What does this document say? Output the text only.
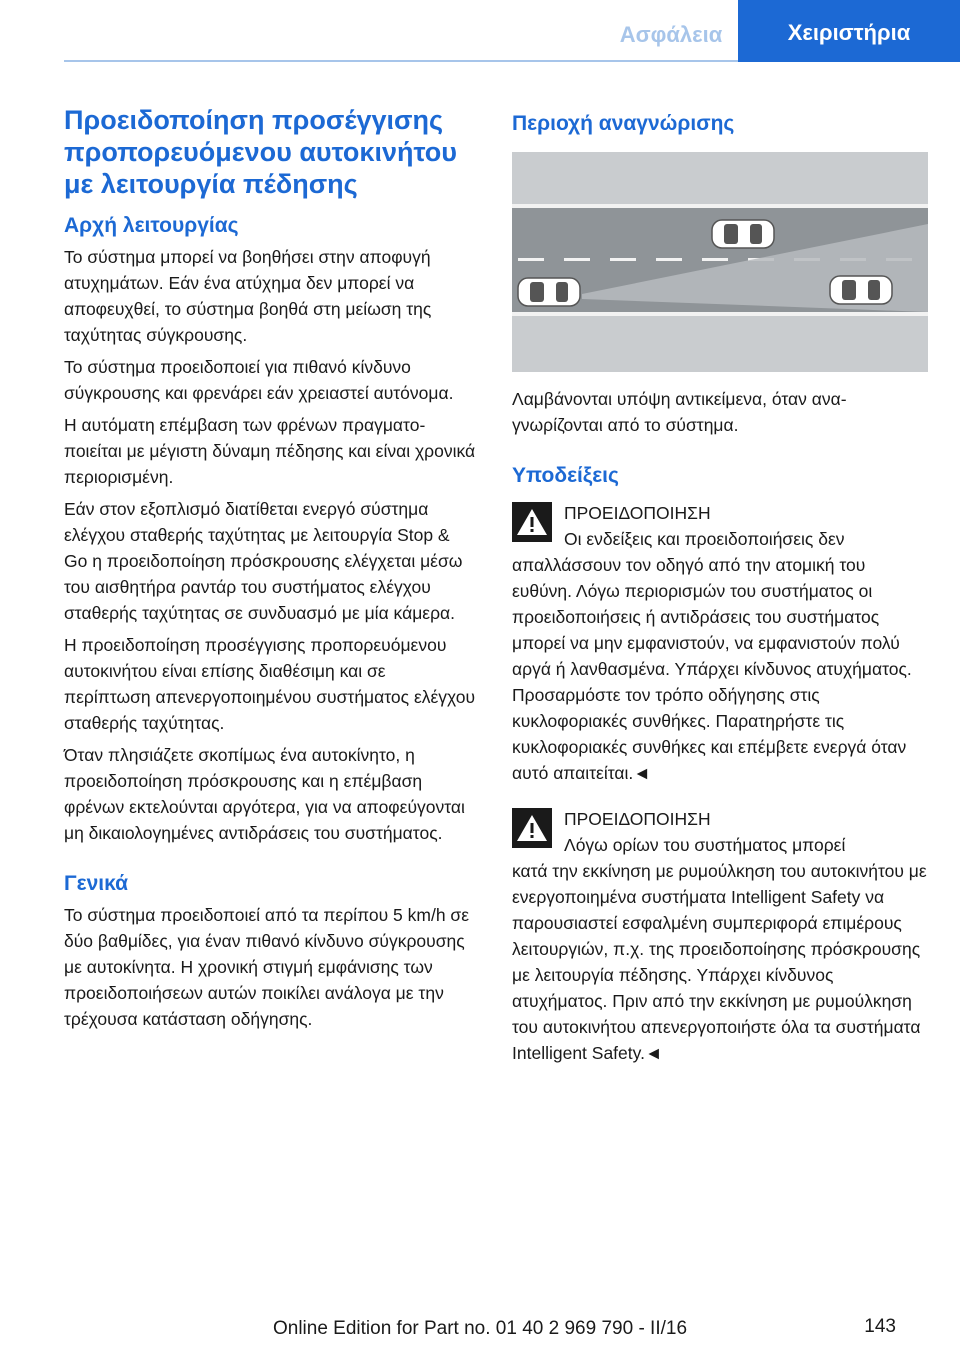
Ασφάλεια	Χειριστήρια
Προειδοποίηση προσέγγισης προπορευόμενου αυτοκινήτου με λειτουργία πέδησης
Αρχή λειτουργίας

Το σύστημα μπορεί να βοηθήσει στην αποφυγή ατυχημάτων. Εάν ένα ατύχημα δεν μπορεί να αποφευχθεί, το σύστημα βοηθά στη μείωση της ταχύτητας σύγκρουσης.

Το σύστημα προειδοποιεί για πιθανό κίνδυνο σύγκρουσης και φρενάρει εάν χρειαστεί αυτόνομα.

Η αυτόματη επέμβαση των φρένων πραγματοποιείται με μέγιστη δύναμη πέδησης και είναι χρονικά περιορισμένη.

Εάν στον εξοπλισμό διατίθεται ενεργό σύστημα ελέγχου σταθερής ταχύτητας με λειτουργία Stop & Go η προειδοποίηση πρόσκρουσης ελέγχεται μέσω του αισθητήρα ραντάρ του συστήματος ελέγχου σταθερής ταχύτητας σε συνδυασμό με μία κάμερα.

Η προειδοποίηση προσέγγισης προπορευόμενου αυτοκινήτου είναι επίσης διαθέσιμη και σε περίπτωση απενεργοποιημένου συστήματος ελέγχου σταθερής ταχύτητας.

Όταν πλησιάζετε σκοπίμως ένα αυτοκίνητο, η προειδοποίηση πρόσκρουσης και η επέμβαση φρένων εκτελούνται αργότερα, για να αποφεύγονται μη δικαιολογημένες αντιδράσεις του συστήματος.

Γενικά

Το σύστημα προειδοποιεί από τα περίπου 5 km/h σε δύο βαθμίδες, για έναν πιθανό κίνδυνο σύγκρουσης με αυτοκίνητα. Η χρονική στιγμή εμφάνισης των προειδοποιήσεων αυτών ποικίλει ανάλογα με την τρέχουσα κατάσταση οδήγησης.

Περιοχή αναγνώρισης

Λαμβάνονται υπόψη αντικείμενα, όταν αναγνωρίζονται από το σύστημα.

Υποδείξεις
ΠΡΟΕΙΔΟΠΟΙΗΣΗ
Οι ενδείξεις και προειδοποιήσεις δεν

απαλλάσσουν τον οδηγό από την ατομική του ευθύνη. Λόγω περιορισμών του συστήματος οι προειδοποιήσεις ή αντιδράσεις του συστήματος μπορεί να μην εμφανιστούν, να εμφανιστούν πολύ αργά ή λανθασμένα. Υπάρχει κίνδυνος ατυχήματος. Προσαρμόστε τον τρόπο οδήγησης στις κυκλοφοριακές συνθήκες. Παρατηρήστε τις κυκλοφοριακές συνθήκες και επέμβετε ενεργά όταν αυτό απαιτείται.◄

ΠΡΟΕΙΔΟΠΟΙΗΣΗ
Λόγω ορίων του συστήματος μπορεί

κατά την εκκίνηση με ρυμούλκηση του αυτοκινήτου με ενεργοποιημένα συστήματα Intelligent Safety να παρουσιαστεί εσφαλμένη συμπεριφορά επιμέρους λειτουργιών, π.χ. της προειδοποίησης πρόσκρουσης με λειτουργία πέδησης. Υπάρχει κίνδυνος ατυχήματος. Πριν από την εκκίνηση με ρυμούλκηση του αυτοκινήτου απενεργοποιήστε όλα τα συστήματα Intelligent Safety.◄

Online Edition for Part no. 01 40 2 969 790 - II/16	143
